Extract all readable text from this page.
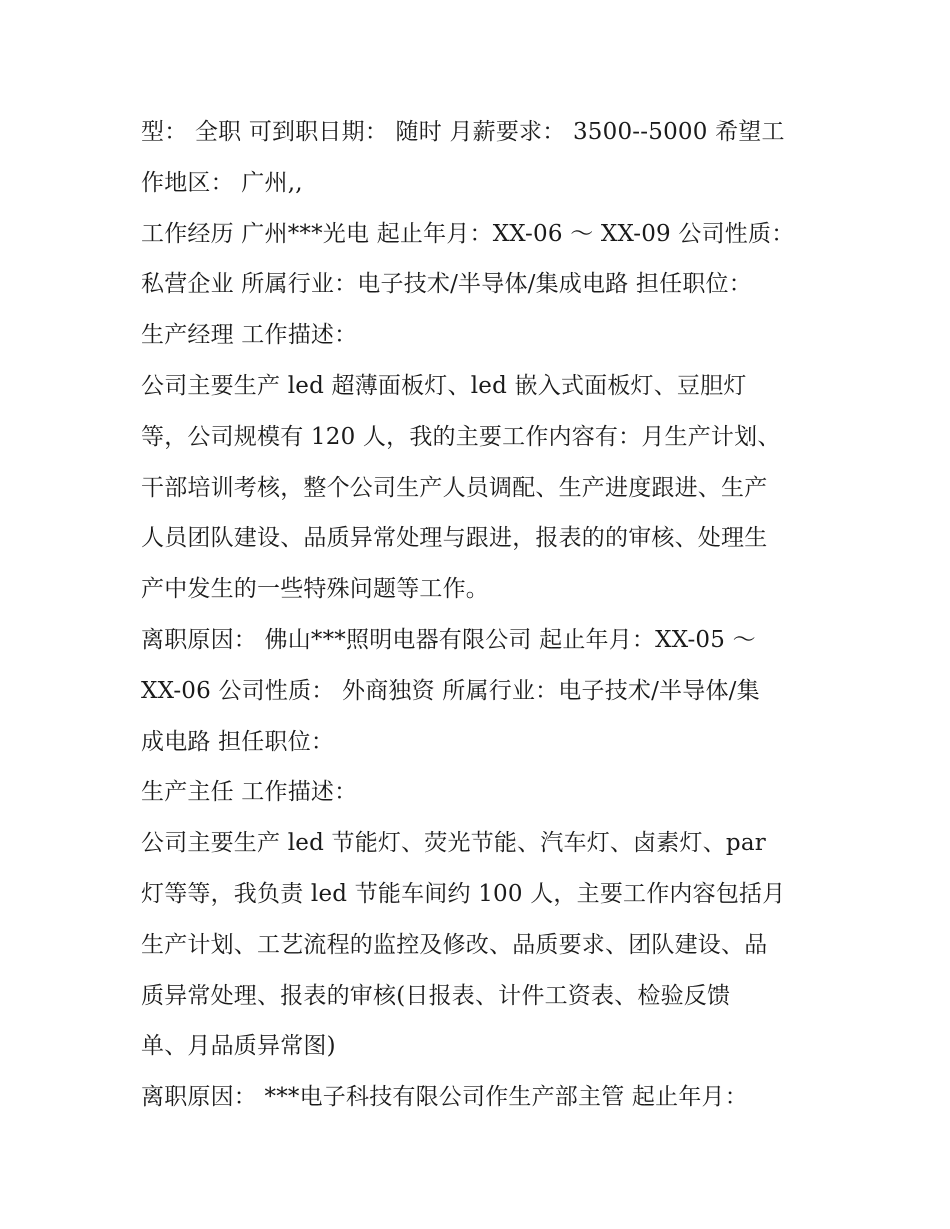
型： 全职 可到职日期： 随时 月薪要求： 3500--5000 希望工
作地区： 广州,,
工作经历 广州***光电 起止年月：XX-06 ～ XX-09 公司性质：
私营企业 所属行业：电子技术/半导体/集成电路 担任职位：
生产经理 工作描述：
公司主要生产 led 超薄面板灯、led 嵌入式面板灯、豆胆灯
等，公司规模有 120 人，我的主要工作内容有：月生产计划、
干部培训考核，整个公司生产人员调配、生产进度跟进、生产
人员团队建设、品质异常处理与跟进，报表的的审核、处理生
产中发生的一些特殊问题等工作。
离职原因： 佛山***照明电器有限公司 起止年月：XX-05 ～
XX-06 公司性质： 外商独资 所属行业：电子技术/半导体/集
成电路 担任职位：
生产主任 工作描述：
公司主要生产 led 节能灯、荧光节能、汽车灯、卤素灯、par
灯等等，我负责 led 节能车间约 100 人，主要工作内容包括月
生产计划、工艺流程的监控及修改、品质要求、团队建设、品
质异常处理、报表的审核(日报表、计件工资表、检验反馈
单、月品质异常图)
离职原因： ***电子科技有限公司作生产部主管 起止年月：
